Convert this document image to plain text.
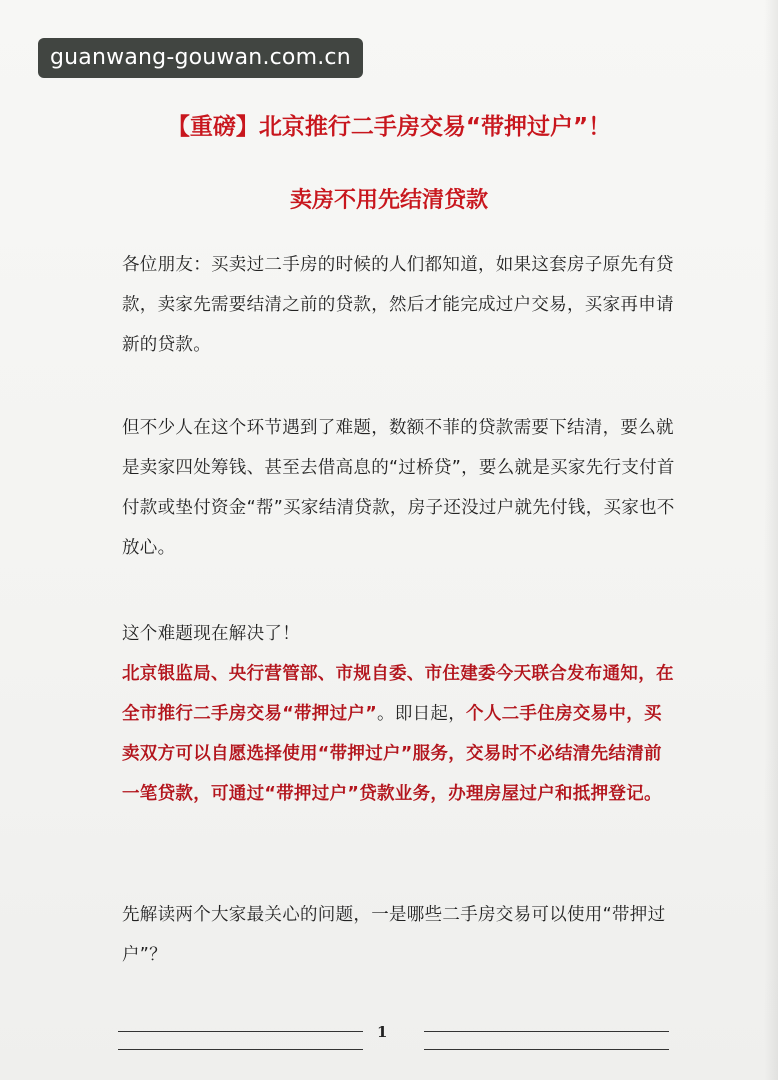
guanwang-gouwan.com.cn
【重磅】北京推行二手房交易“带押过户”！
卖房不用先结清贷款
各位朋友：买卖过二手房的时候的人们都知道，如果这套房子原先有贷款，卖家先需要结清之前的贷款，然后才能完成过户交易，买家再申请新的贷款。
但不少人在这个环节遇到了难题，数额不菲的贷款需要下结清，要么就是卖家四处筹钱、甚至去借高息的“过桥贷”，要么就是买家先行支付首付款或垫付资金“帮”买家结清贷款，房子还没过户就先付钱，买家也不放心。
这个难题现在解决了！
北京银监局、央行营管部、市规自委、市住建委今天联合发布通知，在全市推行二手房交易“带押过户”。即日起，个人二手住房交易中，买卖双方可以自愿选择使用“带押过户”服务，交易时不必结清先结清前一笔贷款，可通过“带押过户”贷款业务，办理房屋过户和抵押登记。
先解读两个大家最关心的问题，一是哪些二手房交易可以使用“带押过户”？
1
